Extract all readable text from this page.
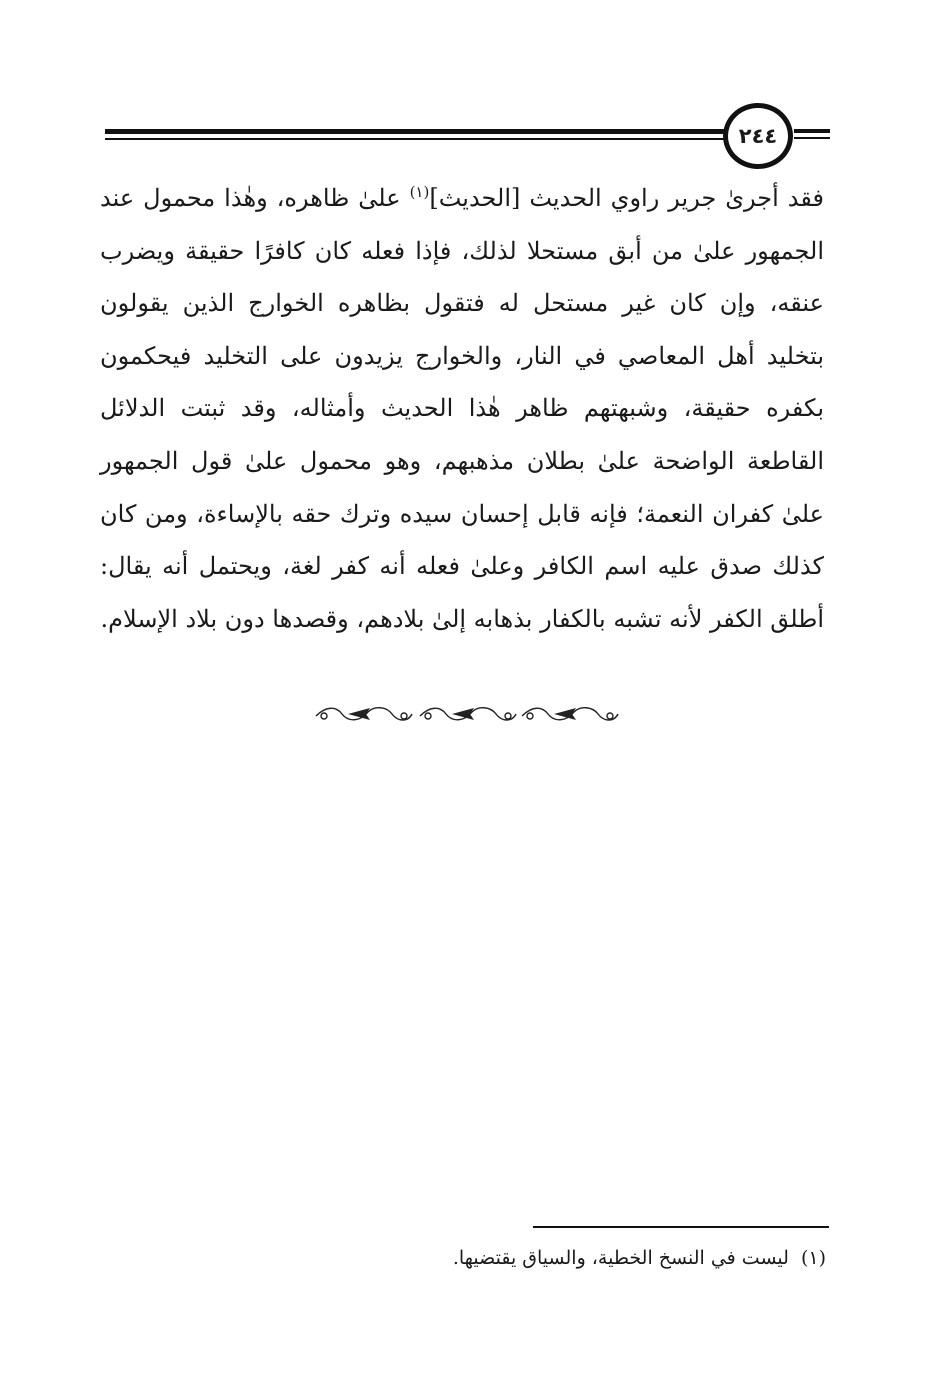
٢٤٤

فقد أجرىٰ جرير راوي الحديث [الحديث]$^{(١)}$ علىٰ ظاهره، وهٰذا محمول عند الجمهور علىٰ من أبق مستحلا لذلك، فإذا فعله كان كافرًا حقيقة ويضرب عنقه، وإن كان غير مستحل له فتقول بظاهره الخوارج الذين يقولون بتخليد أهل المعاصي في النار، والخوارج يزيدون على التخليد فيحكمون بكفره حقيقة، وشبهتهم ظاهر هٰذا الحديث وأمثاله، وقد ثبتت الدلائل القاطعة الواضحة علىٰ بطلان مذهبهم، وهو محمول علىٰ قول الجمهور علىٰ كفران النعمة؛ فإنه قابل إحسان سيده وترك حقه بالإساءة، ومن كان كذلك صدق عليه اسم الكافر وعلىٰ فعله أنه كفر لغة، ويحتمل أنه يقال: أطلق الكفر لأنه تشبه بالكفار بذهابه إلىٰ بلادهم، وقصدها دون بلاد الإسلام.

(١)ليست في النسخ الخطية، والسياق يقتضيها.
